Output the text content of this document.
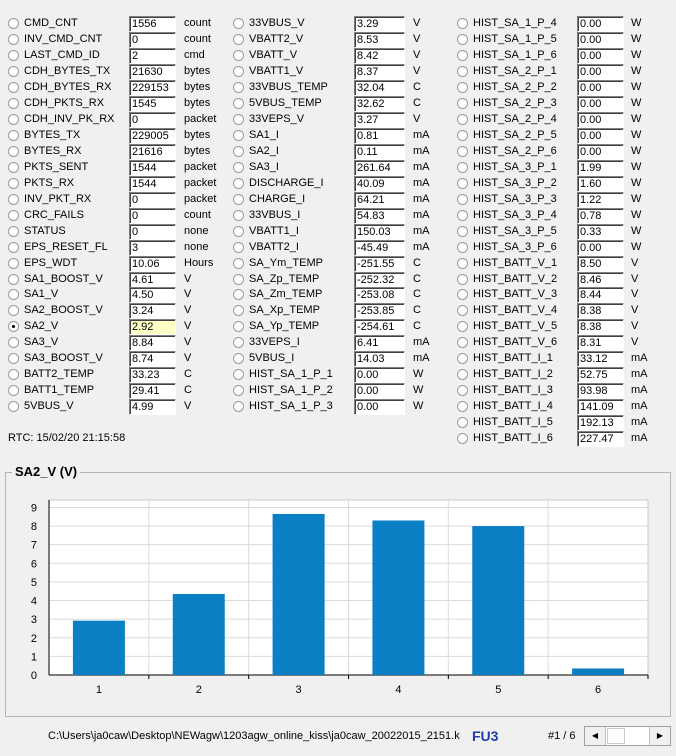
CMD_CNT	1556	count
INV_CMD_CNT	0	count
LAST_CMD_ID	2	cmd
CDH_BYTES_TX 21630	bytes
CDH_BYTES_RX 229153	bytes
CDH_PKTS_RX	1545	bytes
CDH_INV_PK_RX 0	packet
BYTES_TX	229005	bytes
BYTES_RX	21616	bytes
PKTS_SENT	1544	packet
PKTS_RX	1544	packet
INV_PKT_RX	0	packet
CRC_FAILS	0	count
STATUS	0	none
EPS_RESET_FL 3	none
EPS_WDT	10.06	Hours
SA1_BOOST_V	4.61	V
SA1_V	4.50	V
SA2_BOOST_V	3.24	V
SA2_V	2.92	V
SA3_V	8.84	V
SA3_BOOST_V	8.74	V
BATT2_TEMP	33.23	C
BATT1_TEMP	29.41	C
5VBUS_V	4.99	V
33VBUS_V	3.29	V
VBATT2_V	8.53	V
VBATT_V	8.42	V
VBATT1_V	8.37	V
33VBUS_TEMP	32.04	C
5VBUS_TEMP	32.62	C
33VEPS_V	3.27	V
SA1_I	0.81	mA
SA2_I	0.11	mA
SA3_I	261.64	mA
DISCHARGE_I	40.09	mA
CHARGE_I	64.21	mA
33VBUS_I	54.83	mA
VBATT1_I	150.03	mA
VBATT2_I	-45.49	mA
SA_Ym_TEMP	-251.55	C
SA_Zp_TEMP	-252.32	C
SA_Zm_TEMP	-253.08	C
SA_Xp_TEMP	-253.85	C
SA_Yp_TEMP	-254.61	C
33VEPS_I	6.41	mA
5VBUS_I	14.03	mA
HIST_SA_1_P_1 0.00	W
HIST_SA_1_P_2 0.00	W
HIST_SA_1_P_3 0.00	W
HIST_SA_1_P_4 0.00	W
HIST_SA_1_P_5 0.00	W
HIST_SA_1_P_6 0.00	W
HIST_SA_2_P_1 0.00	W
HIST_SA_2_P_2 0.00	W
HIST_SA_2_P_3 0.00	W
HIST_SA_2_P_4 0.00	W
HIST_SA_2_P_5 0.00	W
HIST_SA_2_P_6 0.00	W
HIST_SA_3_P_1 1.99	W
HIST_SA_3_P_2 1.60	W
HIST_SA_3_P_3 1.22	W
HIST_SA_3_P_4 0.78	W
HIST_SA_3_P_5 0.33	W
HIST_SA_3_P_6 0.00	W
HIST_BATT_V_1 8.50	V
HIST_BATT_V_2 8.46	V
HIST_BATT_V_3 8.44	V
HIST_BATT_V_4 8.38	V
HIST_BATT_V_5 8.38	V
HIST_BATT_V_6 8.31	V
HIST_BATT_I_1 33.12	mA
HIST_BATT_I_2 52.75	mA
HIST_BATT_I_3 93.98	mA
HIST_BATT_I_4 141.09	mA
HIST_BATT_I_5 192.13	mA
HIST_BATT_I_6 227.47	mA
RTC: 15/02/20 21:15:58
SA2_V (V)
0
1
2
3
4
5
6
7
8
9
1	2	3	4	5	6
C:\Users\ja0caw\Desktop\NEWagw\1203agw_online_kiss\ja0caw_20022015_2151.k FU3	#1 / 6	◀	▶
